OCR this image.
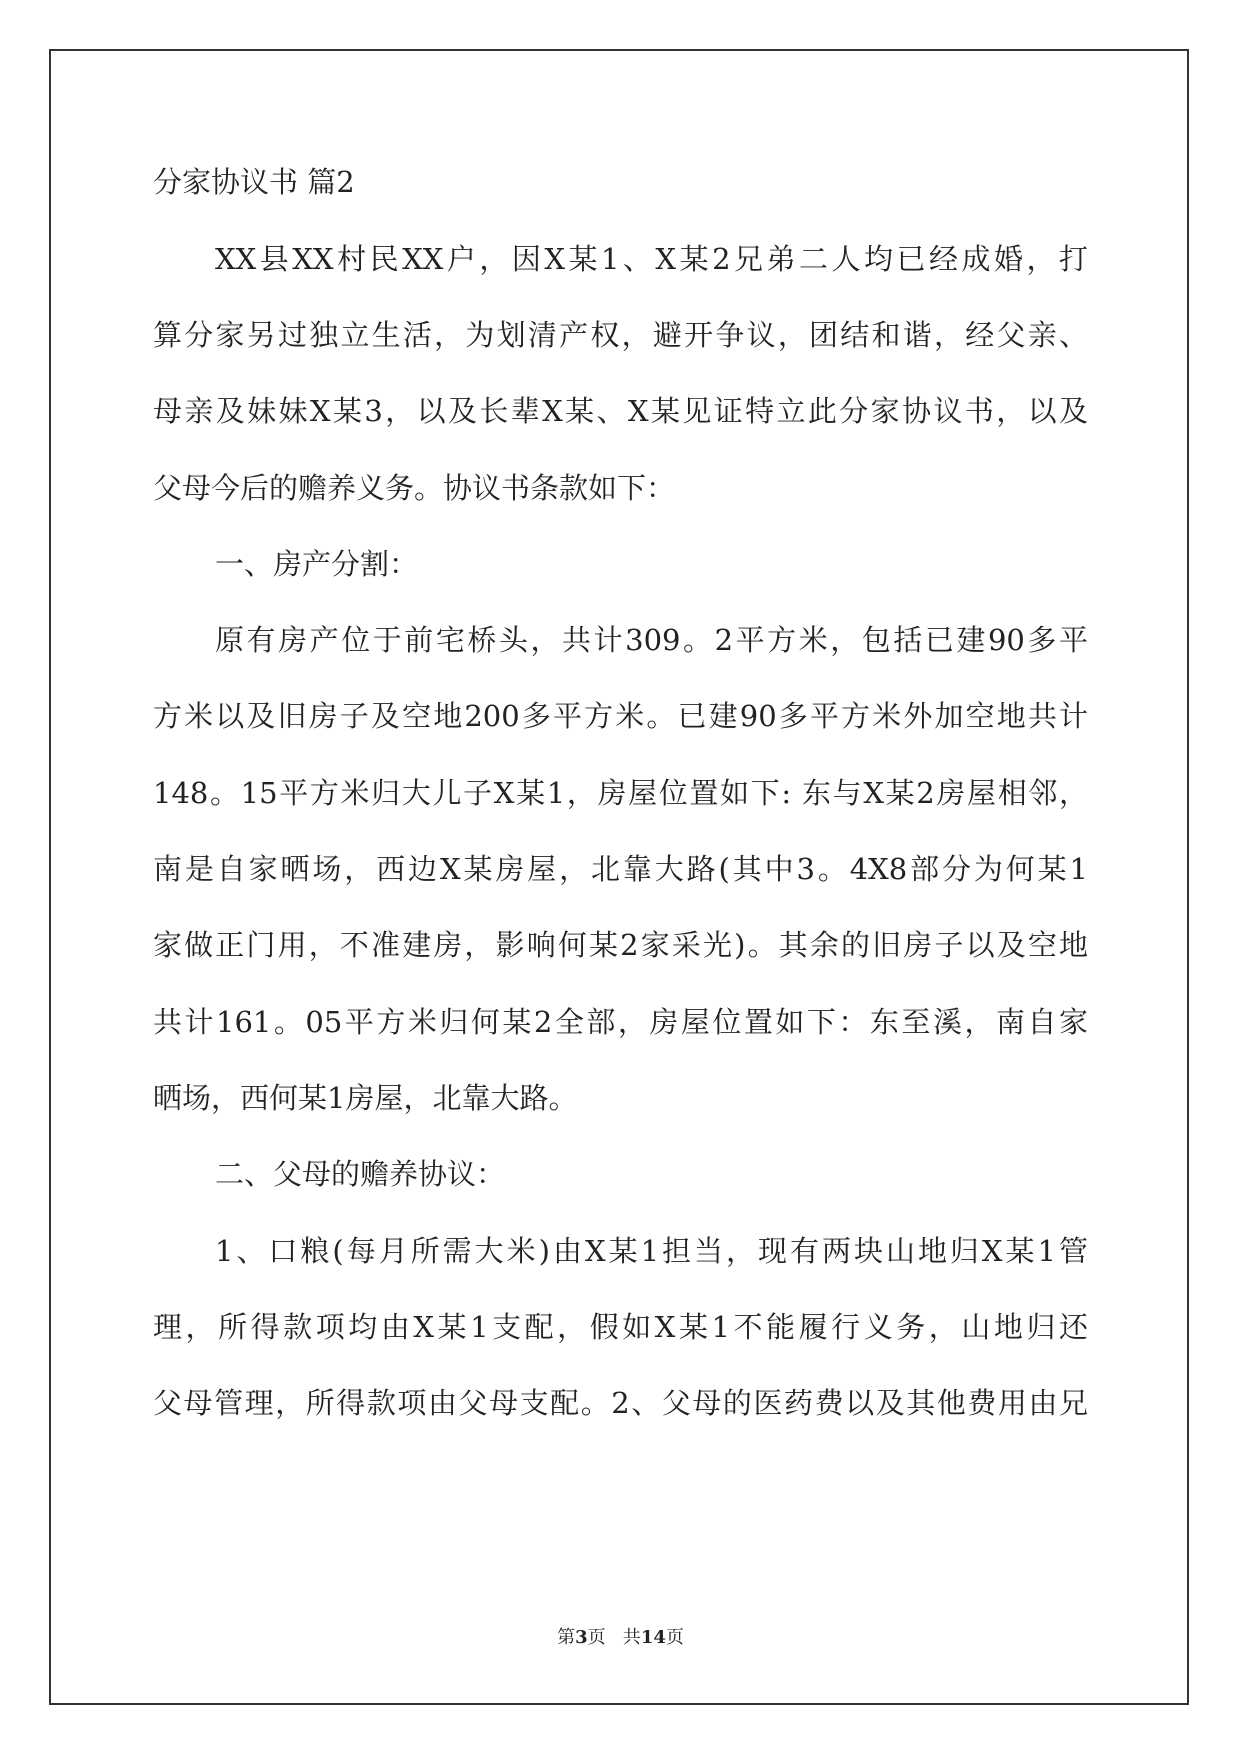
分家协议书 篇2
XX县XX村民XX户，因X某1、X某2兄弟二人均已经成婚，打
算分家另过独立生活，为划清产权，避开争议，团结和谐，经父亲、
母亲及妹妹X某3，以及长辈X某、X某见证特立此分家协议书，以及
父母今后的赡养义务。协议书条款如下：
一、房产分割：
原有房产位于前宅桥头，共计309。2平方米，包括已建90多平
方米以及旧房子及空地200多平方米。已建90多平方米外加空地共计
148。15平方米归大儿子X某1，房屋位置如下: 东与X某2房屋相邻，
南是自家晒场，西边X某房屋，北靠大路(其中3。4X8部分为何某1
家做正门用，不准建房，影响何某2家采光)。其余的旧房子以及空地
共计161。05平方米归何某2全部，房屋位置如下：东至溪，南自家
晒场，西何某1房屋，北靠大路。
二、父母的赡养协议：
1、口粮(每月所需大米)由X某1担当，现有两块山地归X某1管
理，所得款项均由X某1支配，假如X某1不能履行义务，山地归还
父母管理，所得款项由父母支配。2、父母的医药费以及其他费用由兄
第3页   共14页
